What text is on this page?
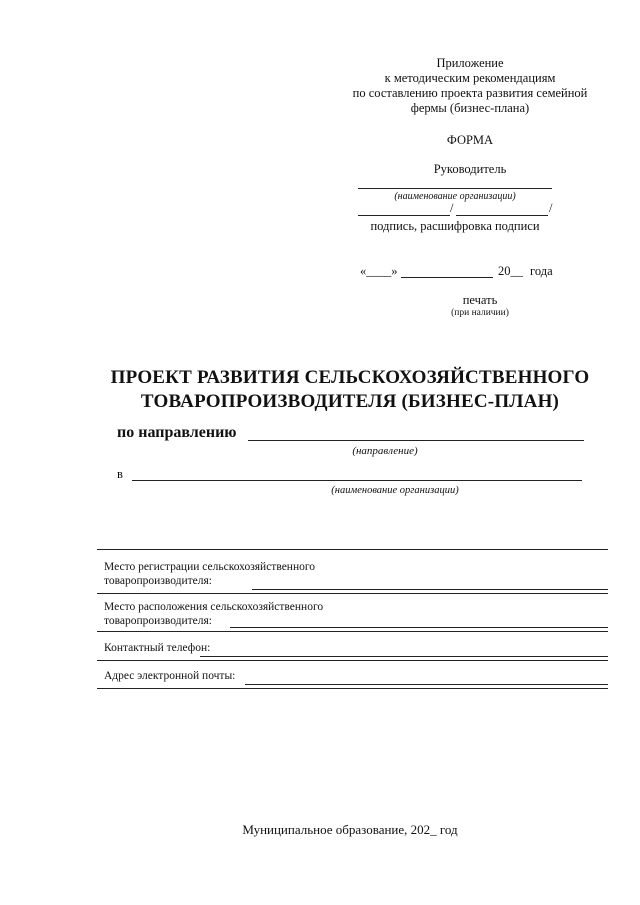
Приложение
к методическим рекомендациям
по составлению проекта развития семейной
фермы (бизнес-плана)
ФОРМА
Руководитель
(наименование организации)
/	/
подпись, расшифровка подписи
«____»	20__ года
печать
(при наличии)
ПРОЕКТ РАЗВИТИЯ СЕЛЬСКОХОЗЯЙСТВЕННОГО
ТОВАРОПРОИЗВОДИТЕЛЯ (БИЗНЕС-ПЛАН)
по направлению
(направление)
в
(наименование организации)
Место регистрации сельскохозяйственного
товаропроизводителя:
Место расположения сельскохозяйственного
товаропроизводителя:
Контактный телефон:
Адрес электронной почты:
Муниципальное образование, 202_ год
